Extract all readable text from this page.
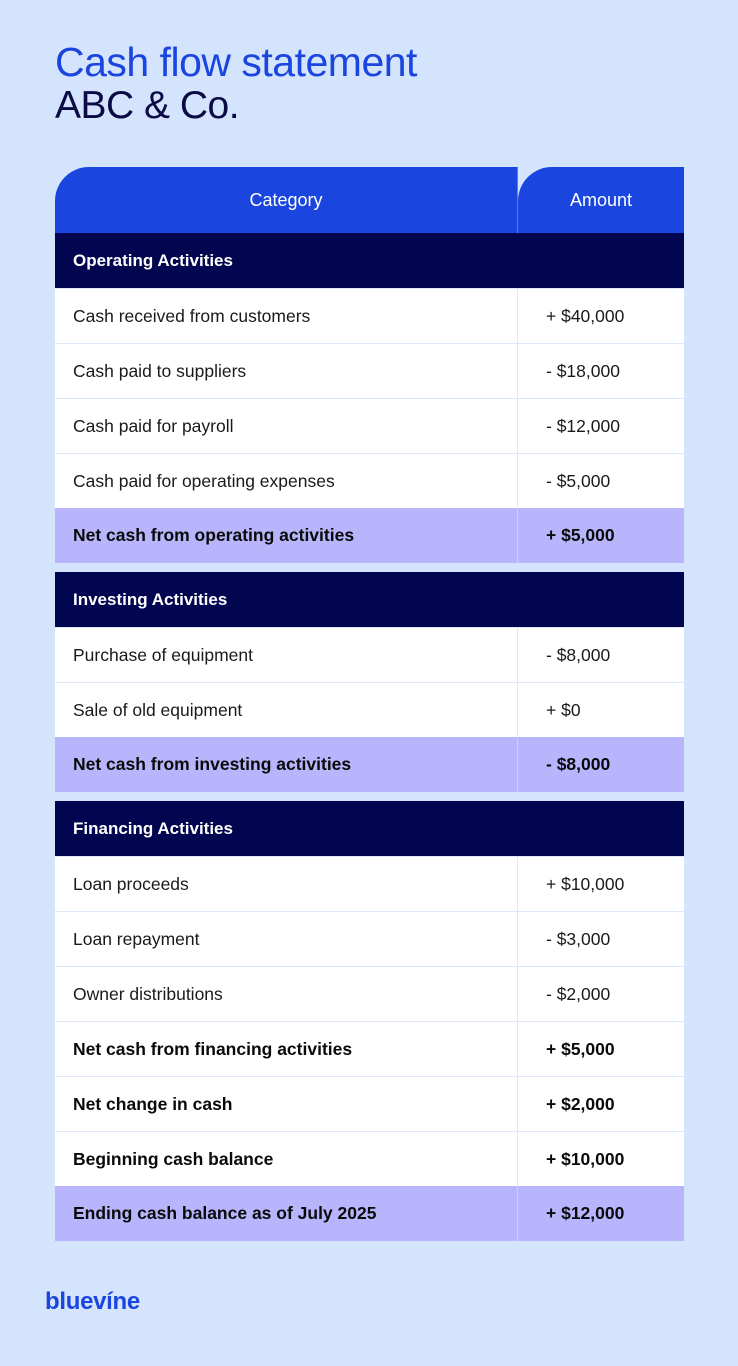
Cash flow statement
ABC & Co.
Category	Amount
Operating Activities
Cash received from customers	+ $40,000
Cash paid to suppliers	- $18,000
Cash paid for payroll	- $12,000
Cash paid for operating expenses	- $5,000
Net cash from operating activities	+ $5,000
Investing Activities
Purchase of equipment	- $8,000
Sale of old equipment	+ $0
Net cash from investing activities	- $8,000
Financing Activities
Loan proceeds	+ $10,000
Loan repayment	- $3,000
Owner distributions	- $2,000
Net cash from financing activities	+ $5,000
Net change in cash	+ $2,000
Beginning cash balance	+ $10,000
Ending cash balance as of July 2025	+ $12,000
bluevíne
